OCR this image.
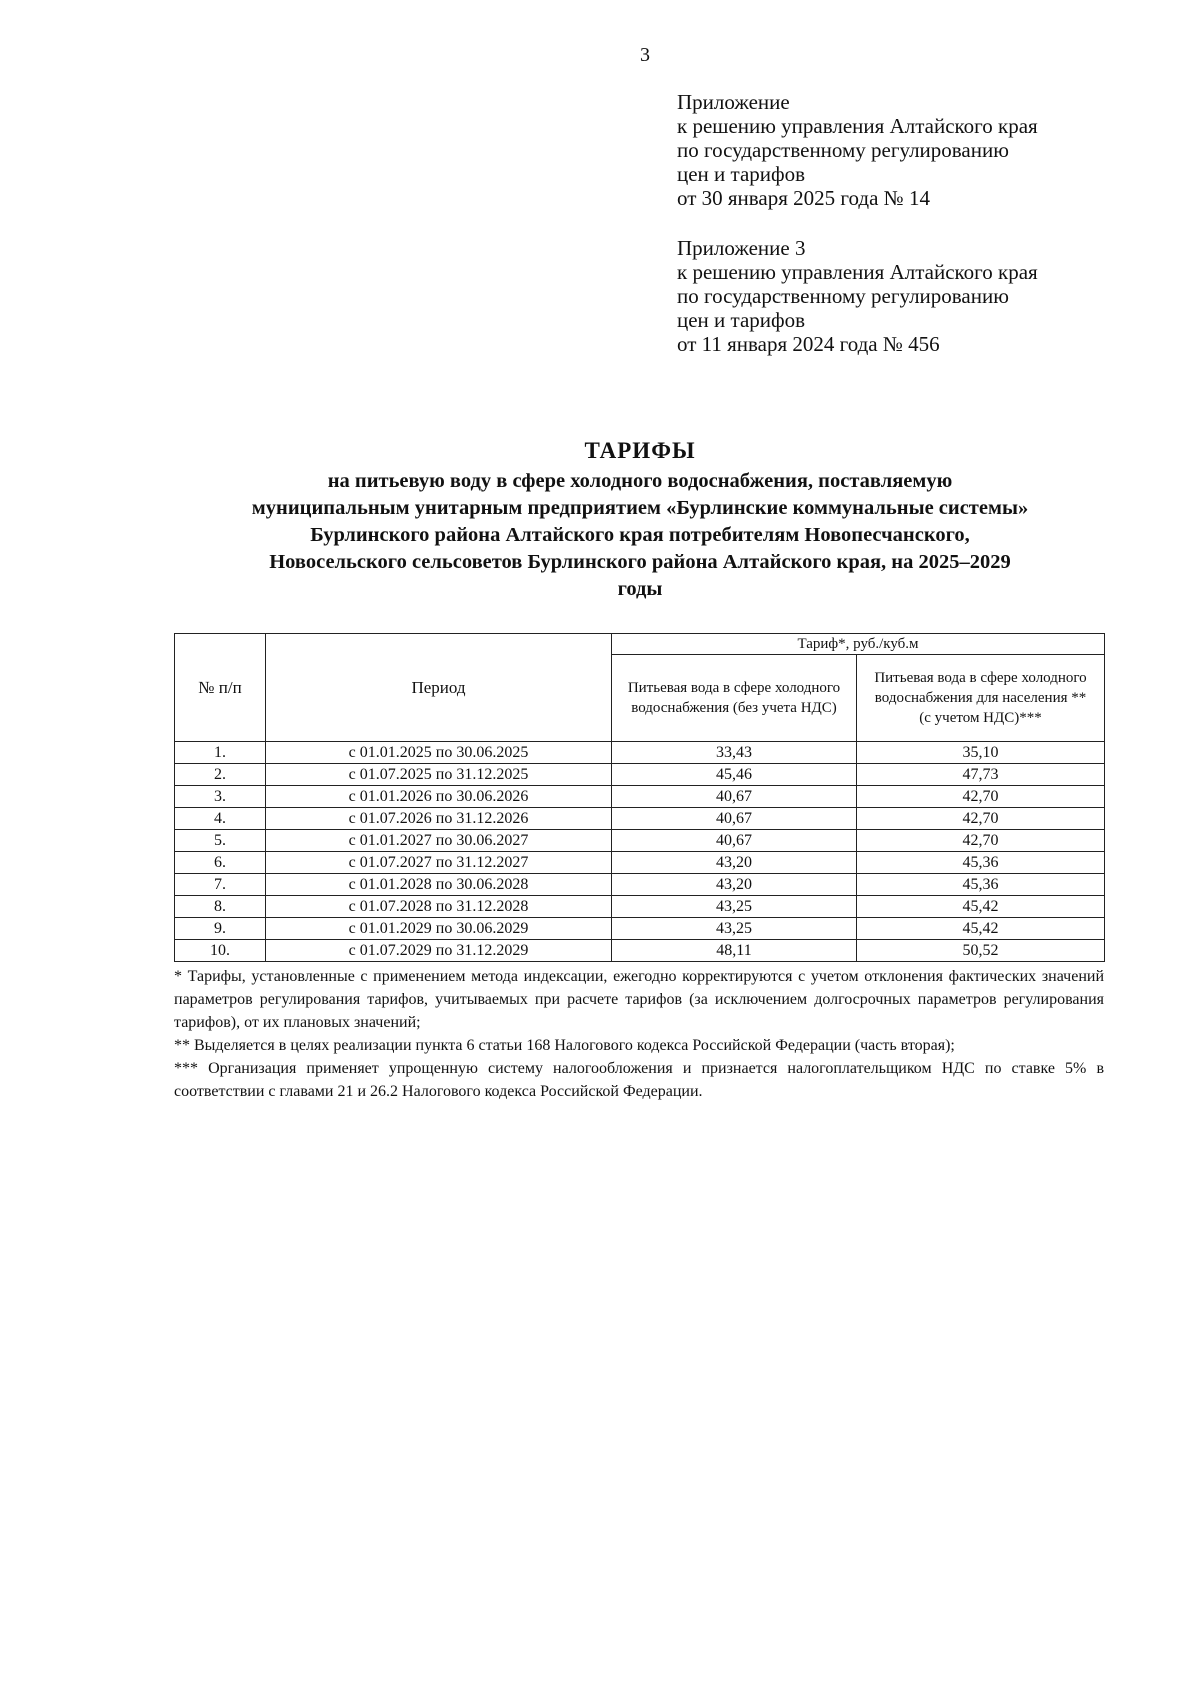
3
Приложение
к решению управления Алтайского края
по государственному регулированию
цен и тарифов
от 30 января 2025 года № 14
Приложение 3
к решению управления Алтайского края
по государственному регулированию
цен и тарифов
от 11 января 2024 года № 456
ТАРИФЫ
на питьевую воду в сфере холодного водоснабжения, поставляемую
муниципальным унитарным предприятием «Бурлинские коммунальные системы»
Бурлинского района Алтайского края потребителям Новопесчанского,
Новосельского сельсоветов Бурлинского района Алтайского края, на 2025–2029
годы
№ п/п	Период	Тариф*, руб./куб.м	
		Питьевая вода в сфере холодного водоснабжения (без учета НДС)	Питьевая вода в сфере холодного водоснабжения для населения **
(с учетом НДС)***

1.	с 01.01.2025 по 30.06.2025	33,43	35,10
2.	с 01.07.2025 по 31.12.2025	45,46	47,73
3.	с 01.01.2026 по 30.06.2026	40,67	42,70
4.	с 01.07.2026 по 31.12.2026	40,67	42,70
5.	с 01.01.2027 по 30.06.2027	40,67	42,70
6.	с 01.07.2027 по 31.12.2027	43,20	45,36
7.	с 01.01.2028 по 30.06.2028	43,20	45,36
8.	с 01.07.2028 по 31.12.2028	43,25	45,42
9.	с 01.01.2029 по 30.06.2029	43,25	45,42
10.	с 01.07.2029 по 31.12.2029	48,11	50,52

* Тарифы, установленные с применением метода индексации, ежегодно корректируются с учетом отклонения фактических значений параметров регулирования тарифов, учитываемых при расчете тарифов (за исключением долгосрочных параметров регулирования тарифов), от их плановых значений;

** Выделяется в целях реализации пункта 6 статьи 168 Налогового кодекса Российской Федерации (часть вторая);

*** Организация применяет упрощенную систему налогообложения и признается налогоплательщиком НДС по ставке 5% в соответствии с главами 21 и 26.2 Налогового кодекса Российской Федерации.
